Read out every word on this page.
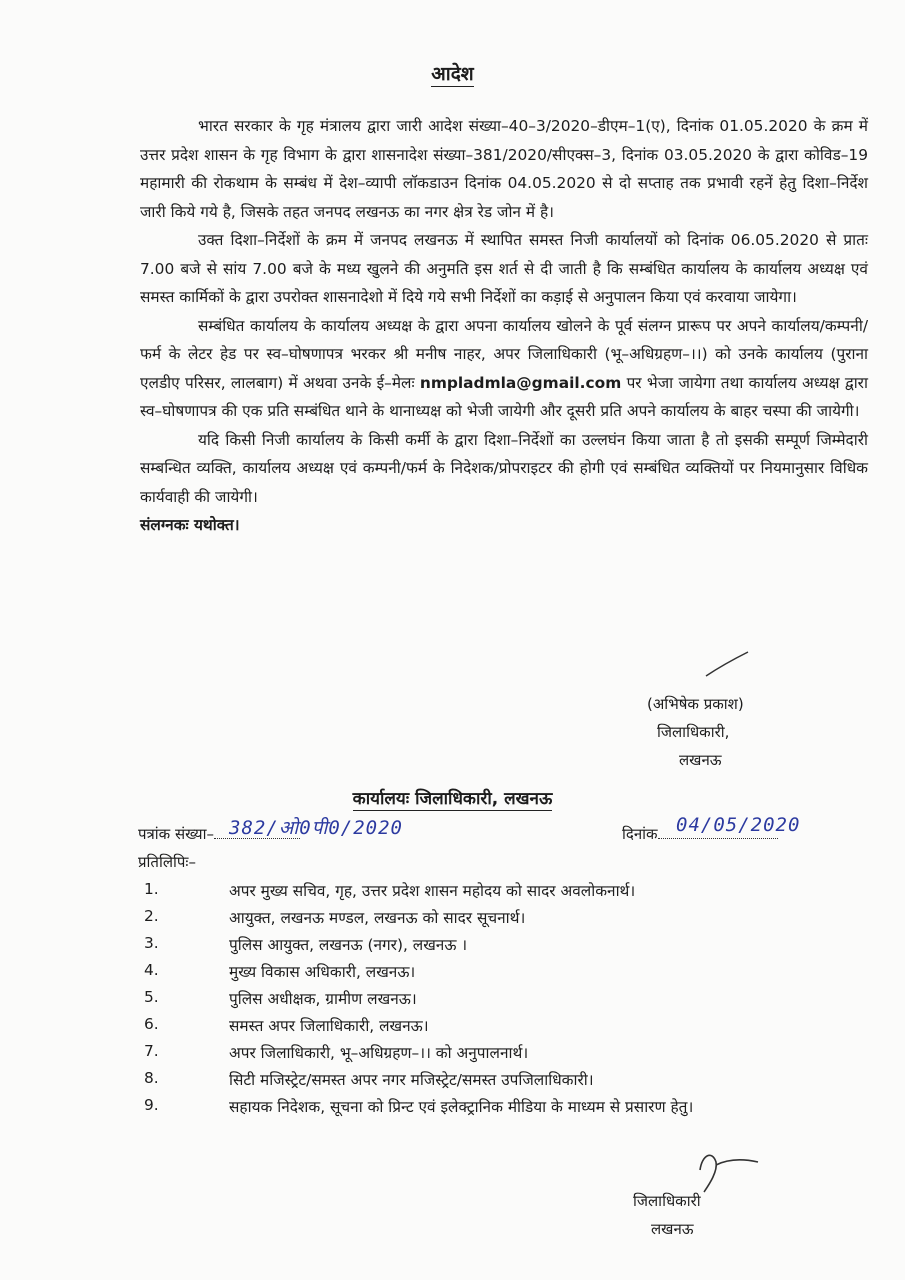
आदेश

भारत सरकार के गृह मंत्रालय द्वारा जारी आदेश संख्या–40–3/2020–डीएम–1(ए), दिनांक 01.05.2020 के क्रम में उत्तर प्रदेश शासन के गृह विभाग के द्वारा शासनादेश संख्या–381/2020/सीएक्स–3, दिनांक 03.05.2020 के द्वारा कोविड–19 महामारी की रोकथाम के सम्बंध में देश–व्यापी लॉकडाउन दिनांक 04.05.2020 से दो सप्ताह तक प्रभावी रहनें हेतु दिशा–निर्देश जारी किये गये है, जिसके तहत जनपद लखनऊ का नगर क्षेत्र रेड जोन में है।

उक्त दिशा–निर्देशों के क्रम में जनपद लखनऊ में स्थापित समस्त निजी कार्यालयों को दिनांक 06.05.2020 से प्रातः 7.00 बजे से सांय 7.00 बजे के मध्य खुलने की अनुमति इस शर्त से दी जाती है कि सम्बंधित कार्यालय के कार्यालय अध्यक्ष एवं समस्त कार्मिकों के द्वारा उपरोक्त शासनादेशो में दिये गये सभी निर्देशों का कड़ाई से अनुपालन किया एवं करवाया जायेगा।

सम्बंधित कार्यालय के कार्यालय अध्यक्ष के द्वारा अपना कार्यालय खोलने के पूर्व संलग्न प्रारूप पर अपने कार्यालय/कम्पनी/फर्म के लेटर हेड पर स्व–घोषणापत्र भरकर श्री मनीष नाहर, अपर जिलाधिकारी (भू–अधिग्रहण–।।) को उनके कार्यालय (पुराना एलडीए परिसर, लालबाग) में अथवा उनके ई–मेलः nmpladmla@gmail.com पर भेजा जायेगा तथा कार्यालय अध्यक्ष द्वारा स्व–घोषणापत्र की एक प्रति सम्बंधित थाने के थानाध्यक्ष को भेजी जायेगी और दूसरी प्रति अपने कार्यालय के बाहर चस्पा की जायेगी।

यदि किसी निजी कार्यालय के किसी कर्मी के द्वारा दिशा–निर्देशों का उल्लघंन किया जाता है तो इसकी सम्पूर्ण जिम्मेदारी सम्बन्धित व्यक्ति, कार्यालय अध्यक्ष एवं कम्पनी/फर्म के निदेशक/प्रोपराइटर की होगी एवं सम्बंधित व्यक्तियों पर नियमानुसार विधिक कार्यवाही की जायेगी।

संलग्नकः यथोक्त।

(अभिषेक प्रकाश)
जिलाधिकारी,
लखनऊ
कार्यालयः जिलाधिकारी, लखनऊ
पत्रांक संख्या–	दिनांक
382/ओ0पी0/2020	04/05/2020
प्रतिलिपिः–
1.	अपर मुख्य सचिव, गृह, उत्तर प्रदेश शासन महोदय को सादर अवलोकनार्थ।
2.	आयुक्त, लखनऊ मण्डल, लखनऊ को सादर सूचनार्थ।
3.	पुलिस आयुक्त, लखनऊ (नगर), लखनऊ ।
4.	मुख्य विकास अधिकारी, लखनऊ।
5.	पुलिस अधीक्षक, ग्रामीण लखनऊ।
6.	समस्त अपर जिलाधिकारी, लखनऊ।
7.	अपर जिलाधिकारी, भू–अधिग्रहण–।। को अनुपालनार्थ।
8.	सिटी मजिस्ट्रेट/समस्त अपर नगर मजिस्ट्रेट/समस्त उपजिलाधिकारी।
9.	सहायक निदेशक, सूचना को प्रिन्ट एवं इलेक्ट्रानिक मीडिया के माध्यम से प्रसारण हेतु।
जिलाधिकारी
लखनऊ
